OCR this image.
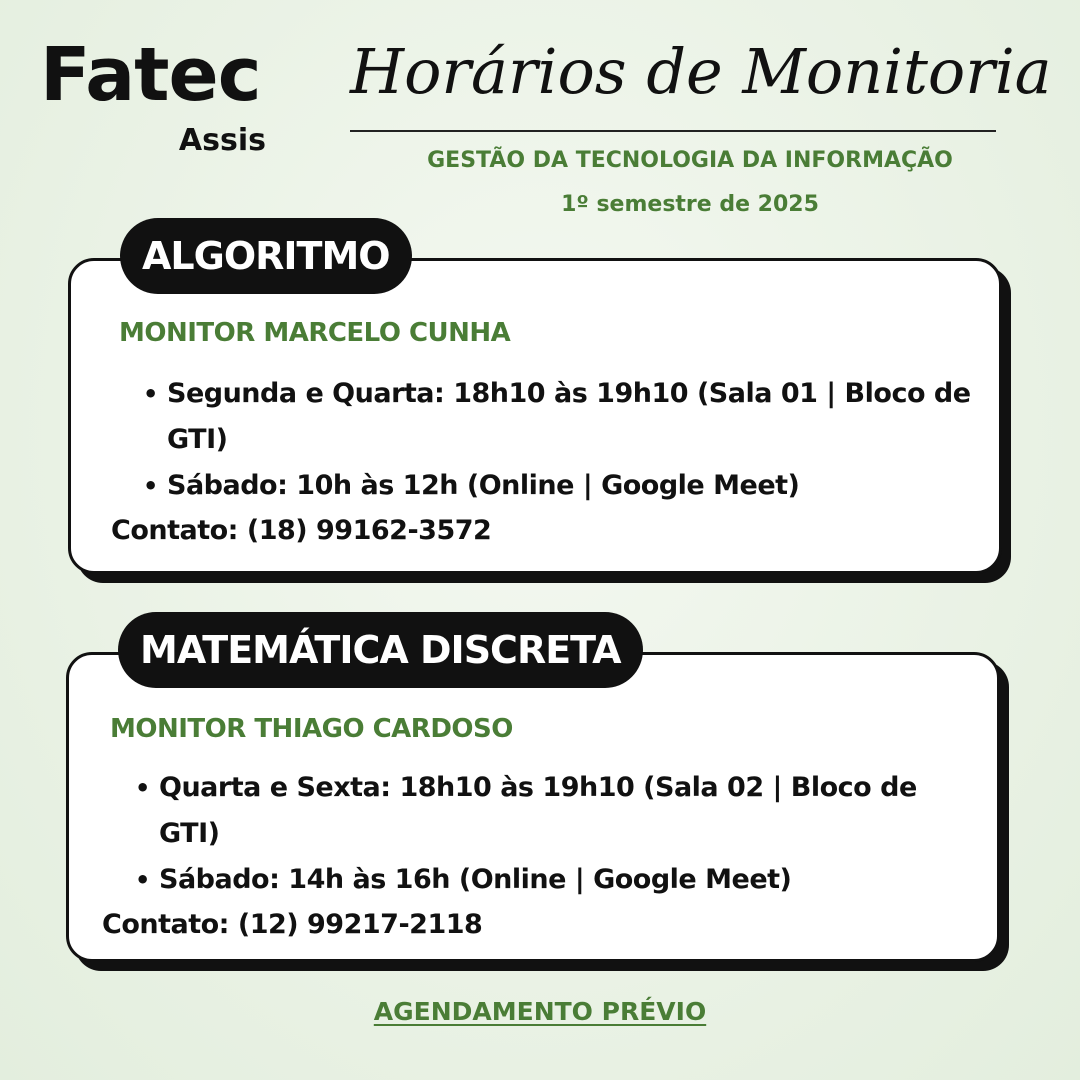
Fatec
Assis
Horários de Monitoria
GESTÃO DA TECNOLOGIA DA INFORMAÇÃO
1º semestre de 2025
MONITOR MARCELO CUNHA
• Segunda e Quarta: 18h10 às 19h10 (Sala 01 | Bloco de GTI)
• Sábado: 10h às 12h (Online | Google Meet)
Contato: (18) 99162-3572
ALGORITMO
MONITOR THIAGO CARDOSO
• Quarta e Sexta: 18h10 às 19h10 (Sala 02 | Bloco de GTI)
• Sábado: 14h às 16h (Online | Google Meet)
Contato: (12) 99217-2118
MATEMÁTICA DISCRETA
AGENDAMENTO PRÉVIO
